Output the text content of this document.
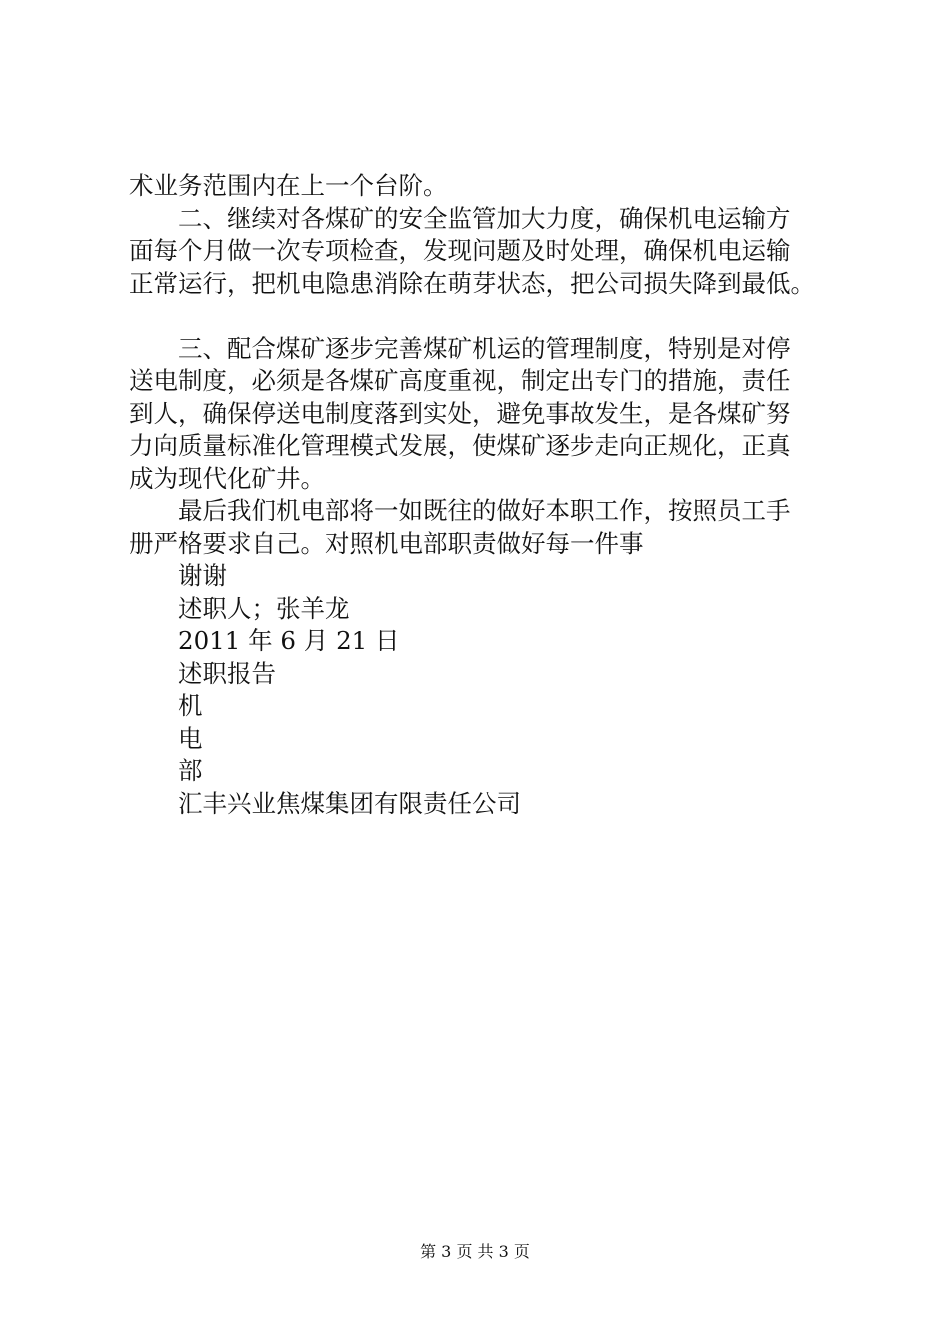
术业务范围内在上一个台阶。
二、继续对各煤矿的安全监管加大力度，确保机电运输方
面每个月做一次专项检查，发现问题及时处理，确保机电运输
正常运行，把机电隐患消除在萌芽状态，把公司损失降到最低。
三、配合煤矿逐步完善煤矿机运的管理制度，特别是对停
送电制度，必须是各煤矿高度重视，制定出专门的措施，责任
到人，确保停送电制度落到实处，避免事故发生，是各煤矿努
力向质量标准化管理模式发展，使煤矿逐步走向正规化，正真
成为现代化矿井。
最后我们机电部将一如既往的做好本职工作，按照员工手
册严格要求自己。对照机电部职责做好每一件事
谢谢
述职人；张羊龙
2011 年 6 月 21 日
述职报告
机
电
部
汇丰兴业焦煤集团有限责任公司
第 3 页 共 3 页
